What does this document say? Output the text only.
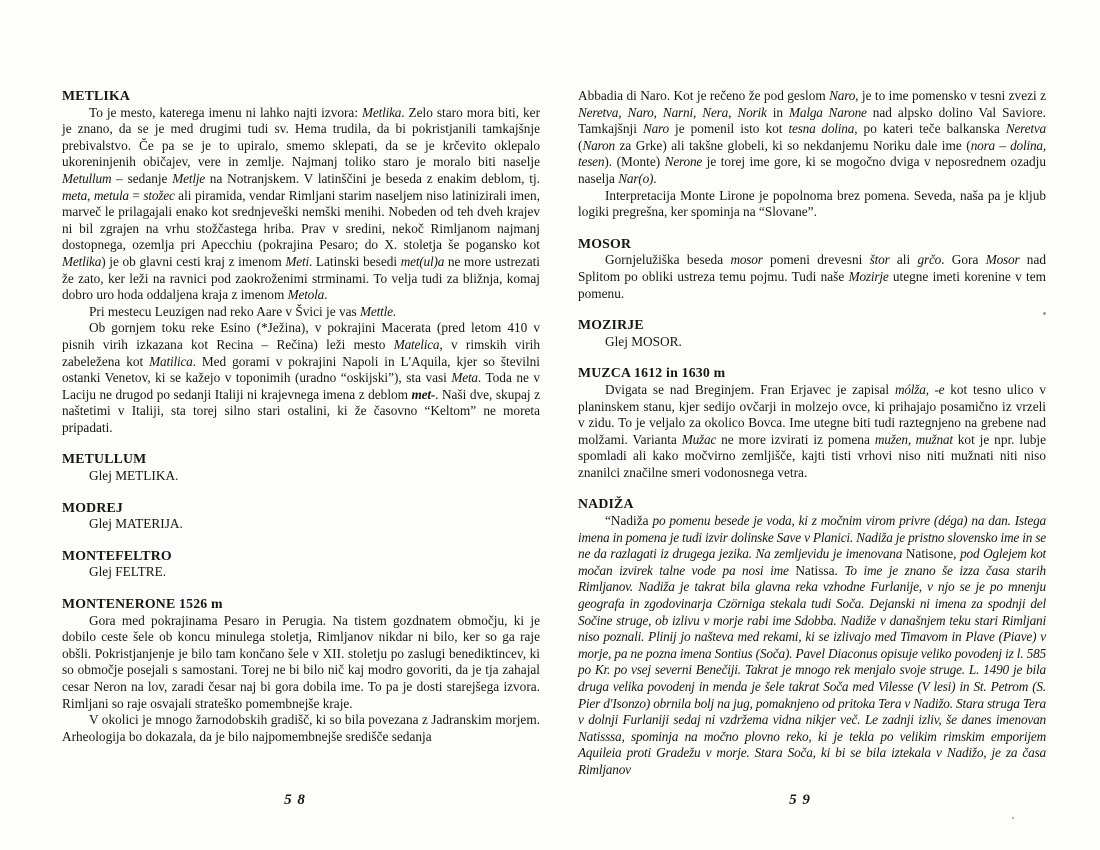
METLIKA

To je mesto, katerega imenu ni lahko najti izvora: Metlika. Zelo staro mora biti, ker je znano, da se je med drugimi tudi sv. Hema trudila, da bi pokristjanili tamkajšnje prebivalstvo. Če pa se je to upiralo, smemo sklepati, da se je krčevito oklepalo ukoreninjenih običajev, vere in zemlje. Najmanj toliko staro je moralo biti naselje Metullum – sedanje Metlje na Notranjskem. V latinščini je beseda z enakim deblom, tj. meta, metula = stožec ali piramida, vendar Rimljani starim naseljem niso latinizirali imen, marveč le prilagajali enako kot srednjeveški nemški menihi. Nobeden od teh dveh krajev ni bil zgrajen na vrhu stožčastega hriba. Prav v sredini, nekoč Rimljanom najmanj dostopnega, ozemlja pri Apecchiu (pokrajina Pesaro; do X. stoletja še pogansko kot Metlika) je ob glavni cesti kraj z imenom Meti. Latinski besedi met(ul)a ne more ustrezati že zato, ker leži na ravnici pod zaokroženimi strminami. To velja tudi za bližnja, komaj dobro uro hoda oddaljena kraja z imenom Metola.

Pri mestecu Leuzigen nad reko Aare v Švici je vas Mettle.

Ob gornjem toku reke Esino (*Ježina), v pokrajini Macerata (pred letom 410 v pisnih virih izkazana kot Recina – Rečina) leži mesto Matelica, v rimskih virih zabeležena kot Matilica. Med gorami v pokrajini Napoli in L'Aquila, kjer so številni ostanki Venetov, ki se kažejo v toponimih (uradno “oskijski”), sta vasi Meta. Toda ne v Laciju ne drugod po sedanji Italiji ni krajevnega imena z deblom met-. Naši dve, skupaj z naštetimi v Italiji, sta torej silno stari ostalini, ki že časovno “Keltom” ne moreta pripadati.

METULLUM

Glej METLIKA.

MODREJ

Glej MATERIJA.

MONTEFELTRO

Glej FELTRE.

MONTENERONE 1526 m

Gora med pokrajinama Pesaro in Perugia. Na tistem gozdnatem območju, ki je dobilo ceste šele ob koncu minulega stoletja, Rimljanov nikdar ni bilo, ker so ga raje obšli. Pokristjanjenje je bilo tam končano šele v XII. stoletju po zaslugi benediktincev, ki so območje posejali s samostani. Torej ne bi bilo nič kaj modro govoriti, da je tja zahajal cesar Neron na lov, zaradi česar naj bi gora dobila ime. To pa je dosti starejšega izvora. Rimljani so raje osvajali strateško pomembnejše kraje.

V okolici je mnogo žarnodobskih gradišč, ki so bila povezana z Jadranskim morjem. Arheologija bo dokazala, da je bilo najpomembnejše središče sedanja

Abbadia di Naro. Kot je rečeno že pod geslom Naro, je to ime pomensko v tesni zvezi z Neretva, Naro, Narni, Nera, Norik in Malga Narone nad alpsko dolino Val Saviore. Tamkajšnji Naro je pomenil isto kot tesna dolina, po kateri teče balkanska Neretva (Naron za Grke) ali takšne globeli, ki so nekdanjemu Noriku dale ime (nora – dolina, tesen). (Monte) Nerone je torej ime gore, ki se mogočno dviga v neposrednem ozadju naselja Nar(o).

Interpretacija Monte Lirone je popolnoma brez pomena. Seveda, naša pa je kljub logiki pregrešna, ker spominja na “Slovane”.

MOSOR

Gornjelužiška beseda mosor pomeni drevesni štor ali grčo. Gora Mosor nad Splitom po obliki ustreza temu pojmu. Tudi naše Mozirje utegne imeti korenine v tem pomenu.

MOZIRJE

Glej MOSOR.

MUZCA 1612 in 1630 m

Dvigata se nad Breginjem. Fran Erjavec je zapisal mólža, -e kot tesno ulico v planinskem stanu, kjer sedijo ovčarji in molzejo ovce, ki prihajajo posamično iz vrzeli v zidu. To je veljalo za okolico Bovca. Ime utegne biti tudi raztegnjeno na grebene nad molžami. Varianta Mužac ne more izvirati iz pomena mužen, mužnat kot je npr. lubje spomladi ali kako močvirno zemljišče, kajti tisti vrhovi niso niti mužnati niti niso znanilci značilne smeri vodonosnega vetra.

NADIŽA

“Nadiža po pomenu besede je voda, ki z močnim virom privre (déga) na dan. Istega imena in pomena je tudi izvir dolinske Save v Planici. Nadiža je pristno slovensko ime in se ne da razlagati iz drugega jezika. Na zemljevidu je imenovana Natisone, pod Oglejem kot močan izvirek talne vode pa nosi ime Natissa. To ime je znano še izza časa starih Rimljanov. Nadiža je takrat bila glavna reka vzhodne Furlanije, v njo se je po mnenju geografa in zgodovinarja Czörniga stekala tudi Soča. Dejanski ni imena za spodnji del Sočine struge, ob izlivu v morje rabi ime Sdobba. Nadiže v današnjem teku stari Rimljani niso poznali. Plinij jo našteva med rekami, ki se izlivajo med Timavom in Plave (Piave) v morje, pa ne pozna imena Sontius (Soča). Pavel Diaconus opisuje veliko povodenj iz l. 585 po Kr. po vsej severni Benečiji. Takrat je mnogo rek menjalo svoje struge. L. 1490 je bila druga velika povodenj in menda je šele takrat Soča med Vilesse (V lesi) in St. Petrom (S. Pier d'Isonzo) obrnila bolj na jug, pomaknjeno od pritoka Tera v Nadižo. Stara struga Tera v dolnji Furlaniji sedaj ni vzdržema vidna nikjer več. Le zadnji izliv, še danes imenovan Natisssa, spominja na močno plovno reko, ki je tekla po velikim rimskim emporijem Aquileia proti Gradežu v morje. Stara Soča, ki bi se bila iztekala v Nadižo, je za časa Rimljanov

5 8	5 9
